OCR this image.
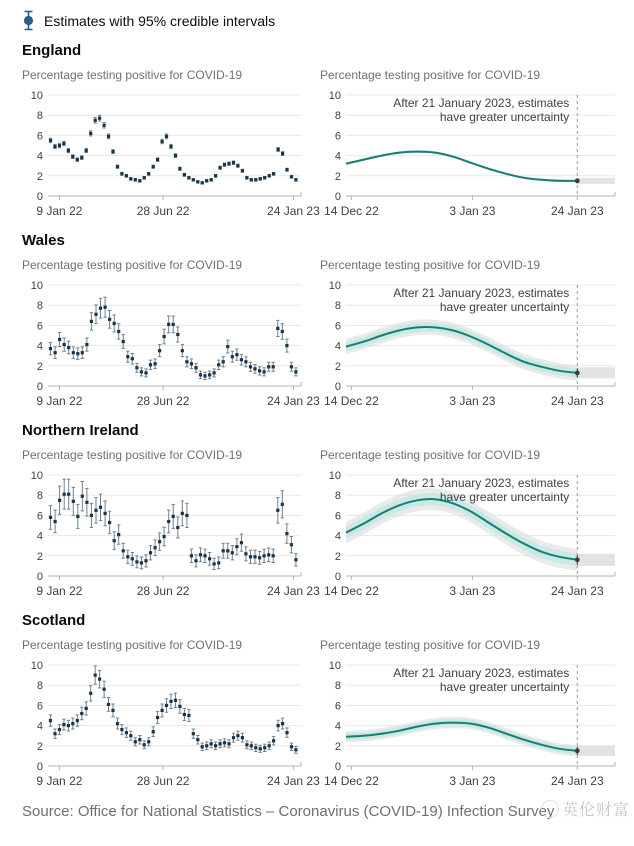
Estimates with 95% credible intervals
England
Percentage testing positive for COVID-19
0
2
4
6
8
10
9 Jan 22	28 Jun 22	24 Jan 23
Percentage testing positive for COVID-19
0
2
4
6
8
10
14 Dec 22	3 Jan 23	24 Jan 23
After 21 January 2023, estimates
have greater uncertainty
Wales
Percentage testing positive for COVID-19
0
2
4
6
8
10
9 Jan 22	28 Jun 22	24 Jan 23
Percentage testing positive for COVID-19
0
2
4
6
8
10
14 Dec 22	3 Jan 23	24 Jan 23
After 21 January 2023, estimates
have greater uncertainty
Northern Ireland
Percentage testing positive for COVID-19
0
2
4
6
8
10
9 Jan 22	28 Jun 22	24 Jan 23
Percentage testing positive for COVID-19
0
2
4
6
8
10
14 Dec 22	3 Jan 23	24 Jan 23
After 21 January 2023, estimates
have greater uncertainty
Scotland
Percentage testing positive for COVID-19
0
2
4
6
8
10
9 Jan 22	28 Jun 22	24 Jan 23
Percentage testing positive for COVID-19
0
2
4
6
8
10
14 Dec 22	3 Jan 23	24 Jan 23
After 21 January 2023, estimates
have greater uncertainty
Source: Office for National Statistics – Coronavirus (COVID-19) Infection Survey 英伦财富
